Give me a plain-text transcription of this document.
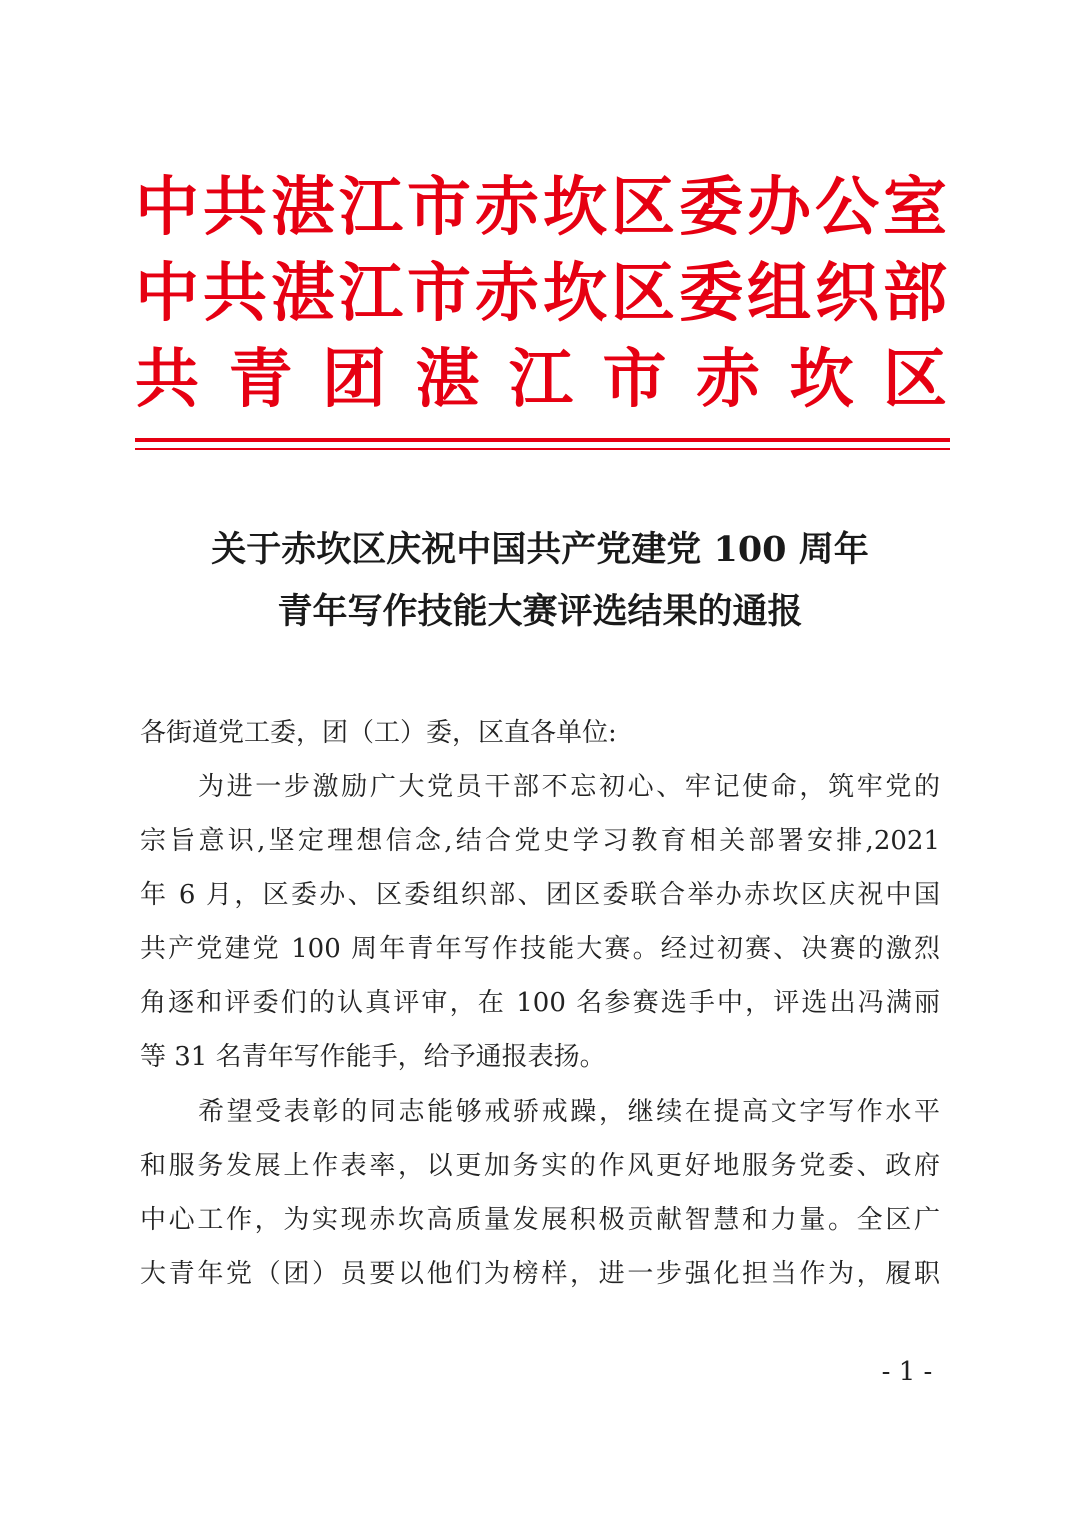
中共湛江市赤坎区委办公室
中共湛江市赤坎区委组织部
共青团湛江市赤坎区
关于赤坎区庆祝中国共产党建党 100 周年
青年写作技能大赛评选结果的通报
各街道党工委，团（工）委，区直各单位:
为进一步激励广大党员干部不忘初心、牢记使命，筑牢党的
宗旨意识,坚定理想信念,结合党史学习教育相关部署安排,2021
年 6 月，区委办、区委组织部、团区委联合举办赤坎区庆祝中国
共产党建党 100 周年青年写作技能大赛。经过初赛、决赛的激烈
角逐和评委们的认真评审，在 100 名参赛选手中，评选出冯满丽
等 31 名青年写作能手，给予通报表扬。
希望受表彰的同志能够戒骄戒躁，继续在提高文字写作水平
和服务发展上作表率，以更加务实的作风更好地服务党委、政府
中心工作，为实现赤坎高质量发展积极贡献智慧和力量。全区广
大青年党（团）员要以他们为榜样，进一步强化担当作为，履职
- 1 -
